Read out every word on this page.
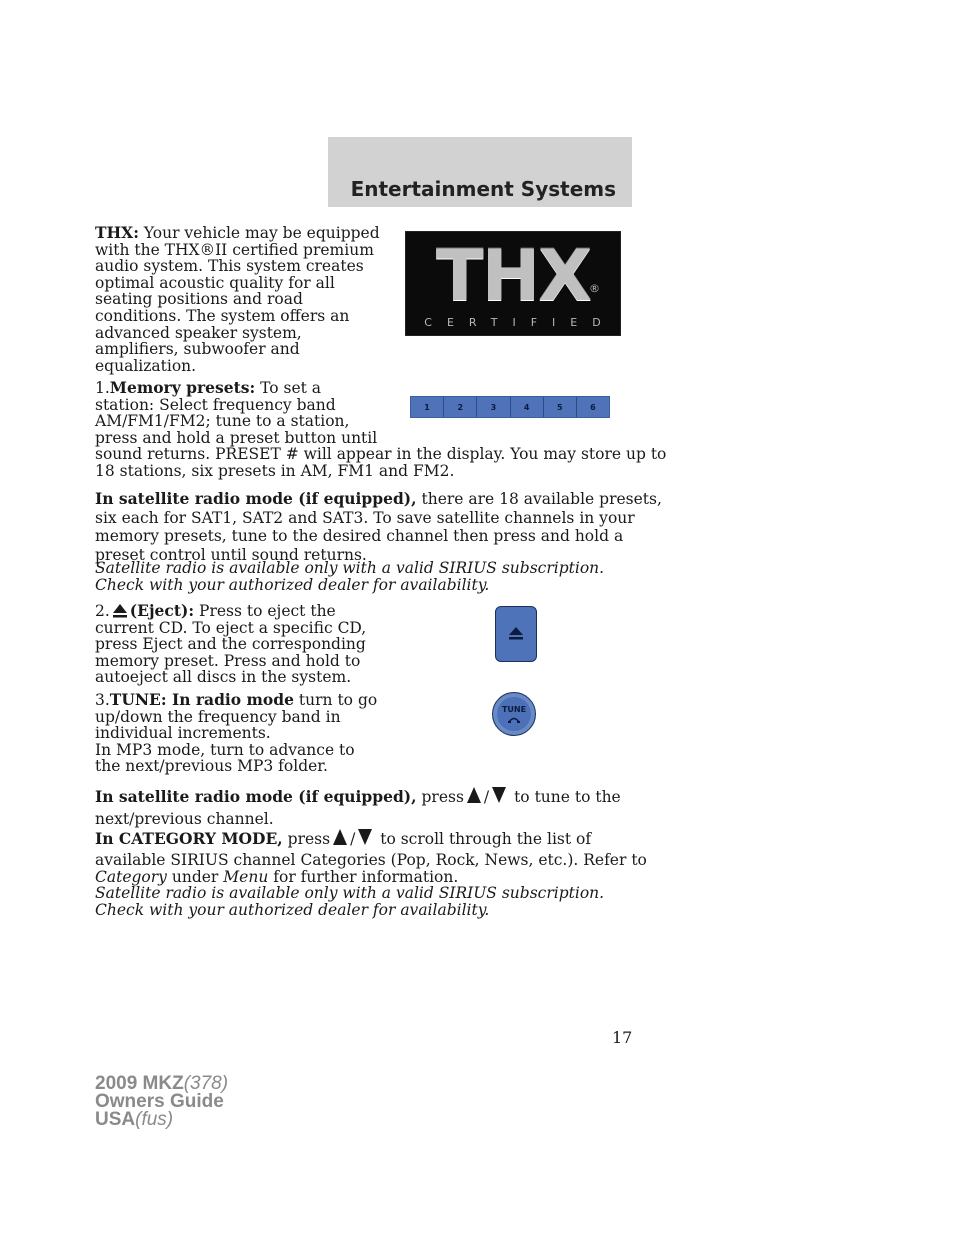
Entertainment Systems
THX: Your vehicle may be equipped
with the THX®II certified premium
audio system. This system creates
optimal acoustic quality for all
seating positions and road
conditions. The system offers an
advanced speaker system,
amplifiers, subwoofer and
equalization.
THX
®
CERTIFIED
1.Memory presets: To set a
station: Select frequency band
AM/FM1/FM2; tune to a station,
press and hold a preset button until
sound returns. PRESET # will appear in the display. You may store up to
18 stations, six presets in AM, FM1 and FM2.
1	2	3	4	5	6
In satellite radio mode (if equipped), there are 18 available presets,
six each for SAT1, SAT2 and SAT3. To save satellite channels in your
memory presets, tune to the desired channel then press and hold a
preset control until sound returns.
Satellite radio is available only with a valid SIRIUS subscription.
Check with your authorized dealer for availability.
2. (Eject): Press to eject the
current CD. To eject a specific CD,
press Eject and the corresponding
memory preset. Press and hold to
autoeject all discs in the system.
3.TUNE: In radio mode turn to go
up/down the frequency band in
individual increments.
In MP3 mode, turn to advance to
the next/previous MP3 folder.
TUNE
In satellite radio mode (if equipped), press / to tune to the
next/previous channel.
In CATEGORY MODE, press / to scroll through the list of
available SIRIUS channel Categories (Pop, Rock, News, etc.). Refer to
Category under Menu for further information.
Satellite radio is available only with a valid SIRIUS subscription.
Check with your authorized dealer for availability.
17
2009 MKZ(378)
Owners Guide
USA(fus)
